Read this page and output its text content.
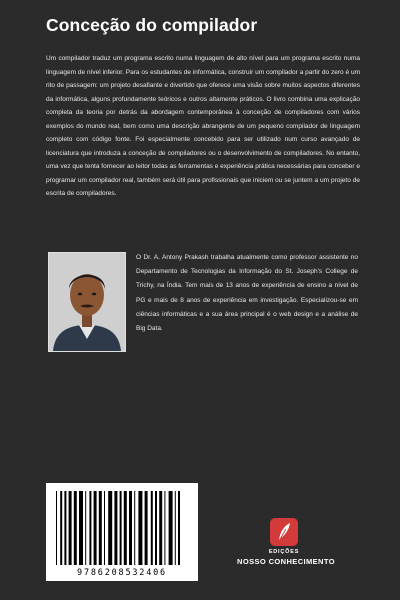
Conceção do compilador
Um compilador traduz um programa escrito numa linguagem de alto nível para um programa escrito numa linguagem de nível inferior. Para os estudantes de informática, construir um compilador a partir do zero é um rito de passagem: um projeto desafiante e divertido que oferece uma visão sobre muitos aspectos diferentes da informática, alguns profundamente teóricos e outros altamente práticos. O livro combina uma explicação completa da teoria por detrás da abordagem contemporânea à conceção de compiladores com vários exemplos do mundo real, bem como uma descrição abrangente de um pequeno compilador de linguagem completo com código fonte. Foi especialmente concebido para ser utilizado num curso avançado de licenciatura que introduza a conceção de compiladores ou o desenvolvimento de compiladores. No entanto, uma vez que tenta fornecer ao leitor todas as ferramentas e experiência prática necessárias para conceber e programar um compilador real, também será útil para profissionais que iniciem ou se juntem a um projeto de escrita de compiladores.
O Dr. A. Antony Prakash trabalha atualmente como professor assistente no Departamento de Tecnologias da Informação do St. Joseph's College de Trichy, na Índia. Tem mais de 13 anos de experiência de ensino a nível de PG e mais de 8 anos de experiência em investigação. Especializou-se em ciências informáticas e a sua área principal é o web design e a análise de Big Data.
9786208532406
EDIÇÕES
NOSSO CONHECIMENTO
